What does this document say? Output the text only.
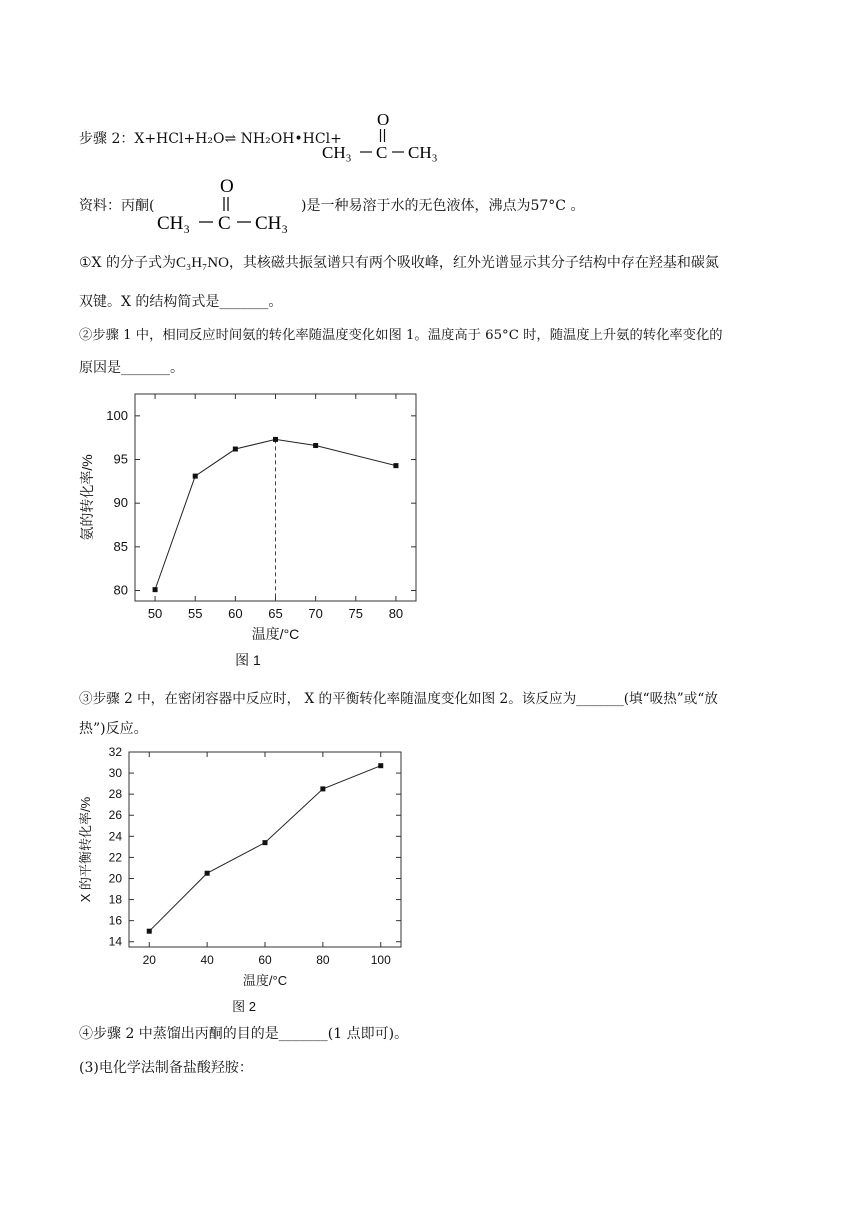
步骤 2：X+HCl+H₂O⇌ NH₂OH•HCl+
O
CH₃ C CH₃
资料：丙酮(
O
CH₃ C CH₃
)是一种易溶于水的无色液体，沸点为57°C 。
①X 的分子式为C₃H₇NO，其核磁共振氢谱只有两个吸收峰，红外光谱显示其分子结构中存在羟基和碳氮
双键。X 的结构简式是_______。
②步骤 1 中，相同反应时间氨的转化率随温度变化如图 1。温度高于 65°C 时，随温度上升氨的转化率变化的
原因是_______。
50 55 60 65 70 75 80
80
85
90
95
100
温度/°C
氨的转化率/%
图 1
③步骤 2 中，在密闭容器中反应时， X 的平衡转化率随温度变化如图 2。该反应为_______(填“吸热”或“放
热”)反应。
20	40	60	80	100
14
16
18
20
22
24
26
28
30
32
温度/°C
X 的平衡转化率/%
图 2
④步骤 2 中蒸馏出丙酮的目的是_______(1 点即可)。
(3)电化学法制备盐酸羟胺：
